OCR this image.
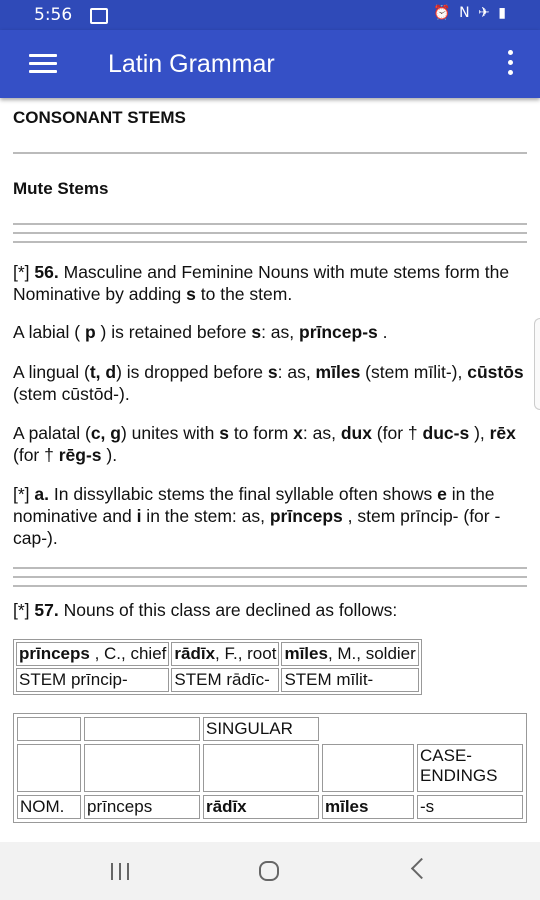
5:56	⏰ N ✈ ▮
Latin Grammar
CONSONANT STEMS
Mute Stems

[*] 56. Masculine and Feminine Nouns with mute stems form the Nominative by adding s to the stem.

A labial ( p ) is retained before s: as, prīncep-s .

A lingual (t, d) is dropped before s: as, mīles (stem mīlit-), cūstōs (stem cūstōd-).

A palatal (c, g) unites with s to form x: as, dux (for † duc-s ), rēx (for † rēg-s ).

[*] a. In dissyllabic stems the final syllable often shows e in the nominative and i in the stem: as, prīnceps , stem prīncip- (for -cap-).

[*] 57. Nouns of this class are declined as follows:

prīnceps , C., chief	rādīx, F., root	mīles, M., soldier
STEM prīncip-	STEM rādīc-	STEM mīlit-
		SINGULAR		
				CASE-ENDINGS
NOM.	prīnceps	rādīx	mīles	-s
